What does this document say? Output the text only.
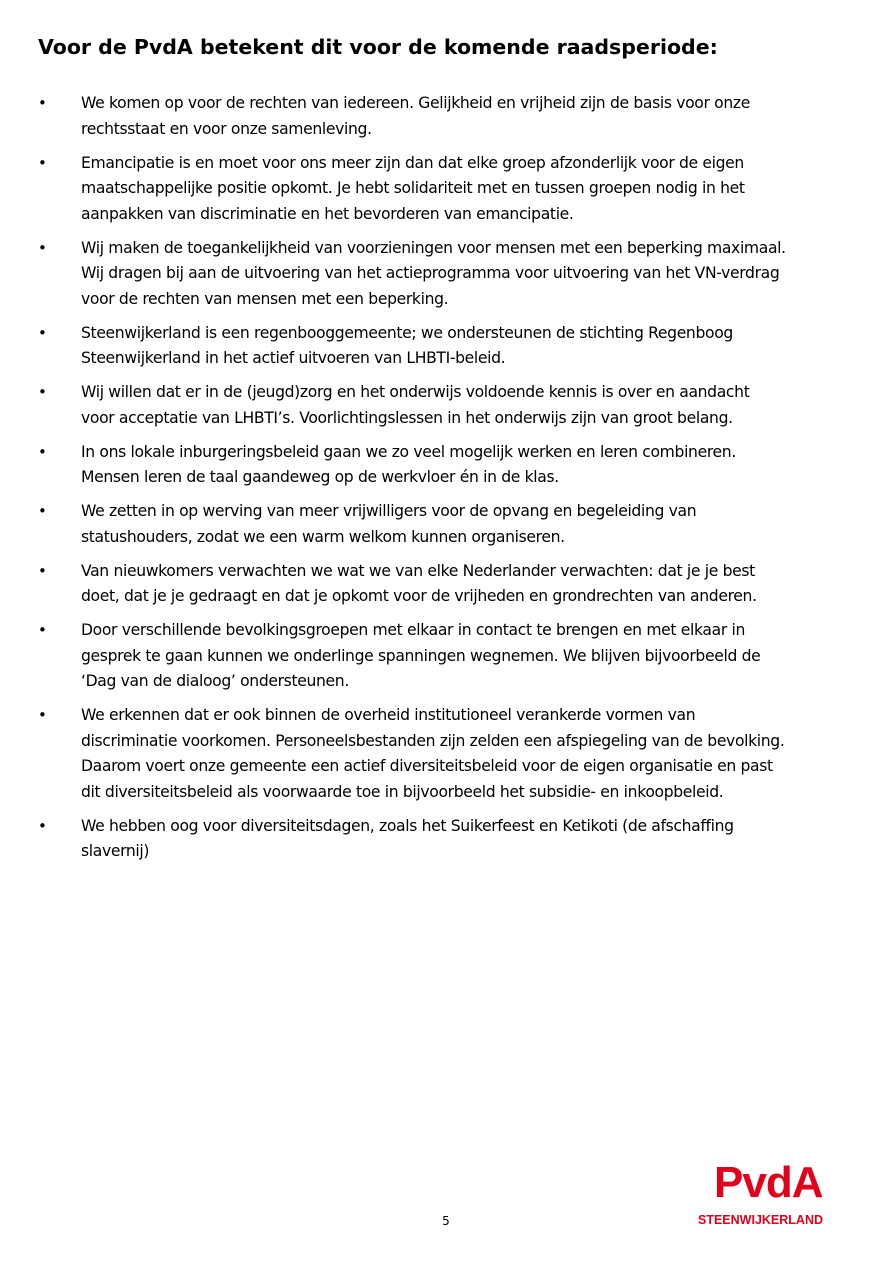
Voor de PvdA betekent dit voor de komende raadsperiode:
•	We komen op voor de rechten van iedereen. Gelijkheid en vrijheid zijn de basis voor onze
rechtsstaat en voor onze samenleving.
•	Emancipatie is en moet voor ons meer zijn dan dat elke groep afzonderlijk voor de eigen
maatschappelijke positie opkomt. Je hebt solidariteit met en tussen groepen nodig in het
aanpakken van discriminatie en het bevorderen van emancipatie.
•	Wij maken de toegankelijkheid van voorzieningen voor mensen met een beperking maximaal.
Wij dragen bij aan de uitvoering van het actieprogramma voor uitvoering van het VN-verdrag
voor de rechten van mensen met een beperking.
•	Steenwijkerland is een regenbooggemeente; we ondersteunen de stichting Regenboog
Steenwijkerland in het actief uitvoeren van LHBTI-beleid.
•	Wij willen dat er in de (jeugd)zorg en het onderwijs voldoende kennis is over en aandacht
voor acceptatie van LHBTI’s. Voorlichtingslessen in het onderwijs zijn van groot belang.
•	In ons lokale inburgeringsbeleid gaan we zo veel mogelijk werken en leren combineren.
Mensen leren de taal gaandeweg op de werkvloer én in de klas.
•	We zetten in op werving van meer vrijwilligers voor de opvang en begeleiding van
statushouders, zodat we een warm welkom kunnen organiseren.
•	Van nieuwkomers verwachten we wat we van elke Nederlander verwachten: dat je je best
doet, dat je je gedraagt en dat je opkomt voor de vrijheden en grondrechten van anderen.
•	Door verschillende bevolkingsgroepen met elkaar in contact te brengen en met elkaar in
gesprek te gaan kunnen we onderlinge spanningen wegnemen. We blijven bijvoorbeeld de
‘Dag van de dialoog’ ondersteunen.
•	We erkennen dat er ook binnen de overheid institutioneel verankerde vormen van
discriminatie voorkomen. Personeelsbestanden zijn zelden een afspiegeling van de bevolking.
Daarom voert onze gemeente een actief diversiteitsbeleid voor de eigen organisatie en past
dit diversiteitsbeleid als voorwaarde toe in bijvoorbeeld het subsidie- en inkoopbeleid.
•	We hebben oog voor diversiteitsdagen, zoals het Suikerfeest en Ketikoti (de afschaffing
slavernij)
5
PvdA
STEENWIJKERLAND
